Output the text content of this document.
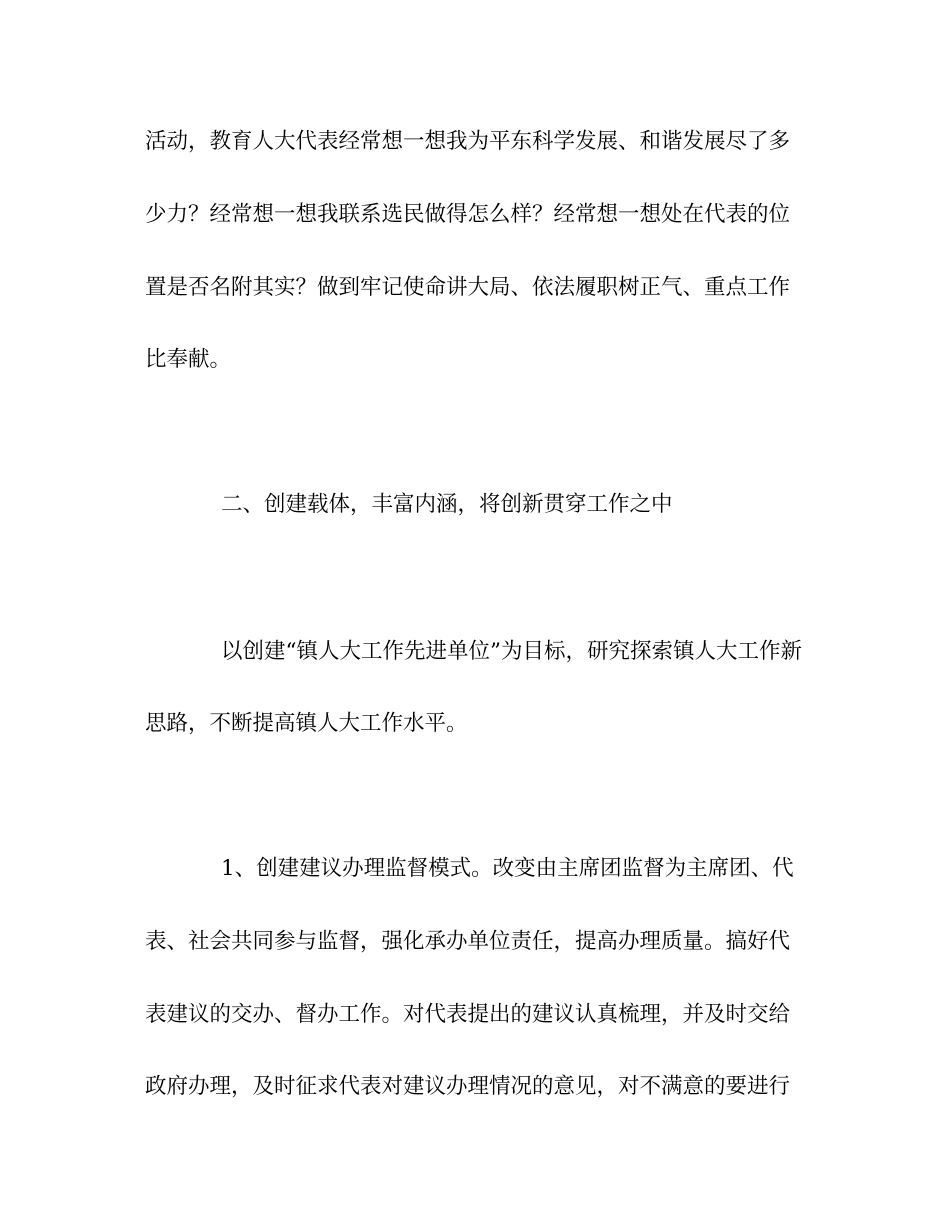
活动，教育人大代表经常想一想我为平东科学发展、和谐发展尽了多
少力？经常想一想我联系选民做得怎么样？经常想一想处在代表的位
置是否名附其实？做到牢记使命讲大局、依法履职树正气、重点工作
比奉献。
二、创建载体，丰富内涵，将创新贯穿工作之中
以创建“镇人大工作先进单位”为目标，研究探索镇人大工作新
思路，不断提高镇人大工作水平。
1、创建建议办理监督模式。改变由主席团监督为主席团、代
表、社会共同参与监督，强化承办单位责任，提高办理质量。搞好代
表建议的交办、督办工作。对代表提出的建议认真梳理，并及时交给
政府办理，及时征求代表对建议办理情况的意见，对不满意的要进行
